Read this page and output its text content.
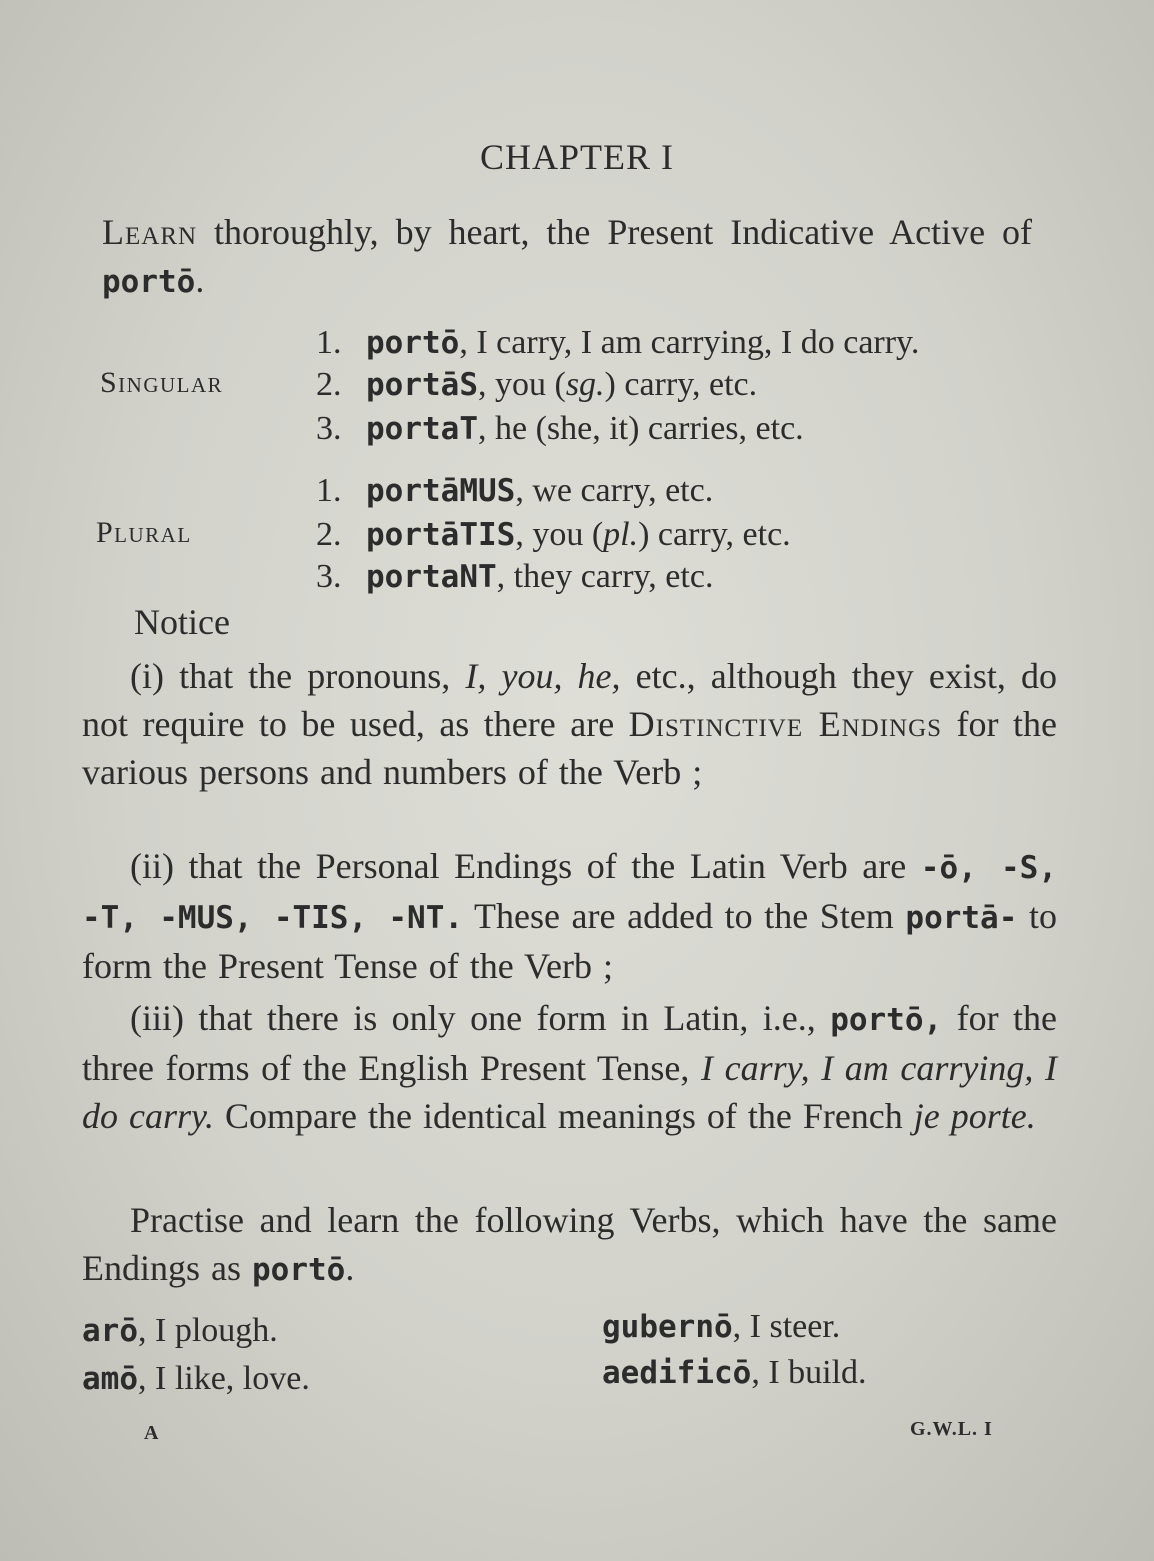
CHAPTER I

Learn thoroughly, by heart, the Present Indicative Active of portō.

Singular
1. portō, I carry, I am carrying, I do carry.
2. portāS, you (sg.) carry, etc.
3. portaT, he (she, it) carries, etc.
Plural
1. portāMUS, we carry, etc.
2. portāTIS, you (pl.) carry, etc.
3. portaNT, they carry, etc.
Notice

(i) that the pronouns, I, you, he, etc., although they exist, do not require to be used, as there are Distinctive Endings for the various persons and numbers of the Verb ;

(ii) that the Personal Endings of the Latin Verb are -ō, -S, -T, -MUS, -TIS, -NT. These are added to the Stem portā- to form the Present Tense of the Verb ;

(iii) that there is only one form in Latin, i.e., portō, for the three forms of the English Present Tense, I carry, I am carrying, I do carry. Compare the identical meanings of the French je porte.

Practise and learn the following Verbs, which have the same Endings as portō.

arō, I plough.
amō, I like, love.
gubernō, I steer.
aedificō, I build.
A	G.W.L. I
